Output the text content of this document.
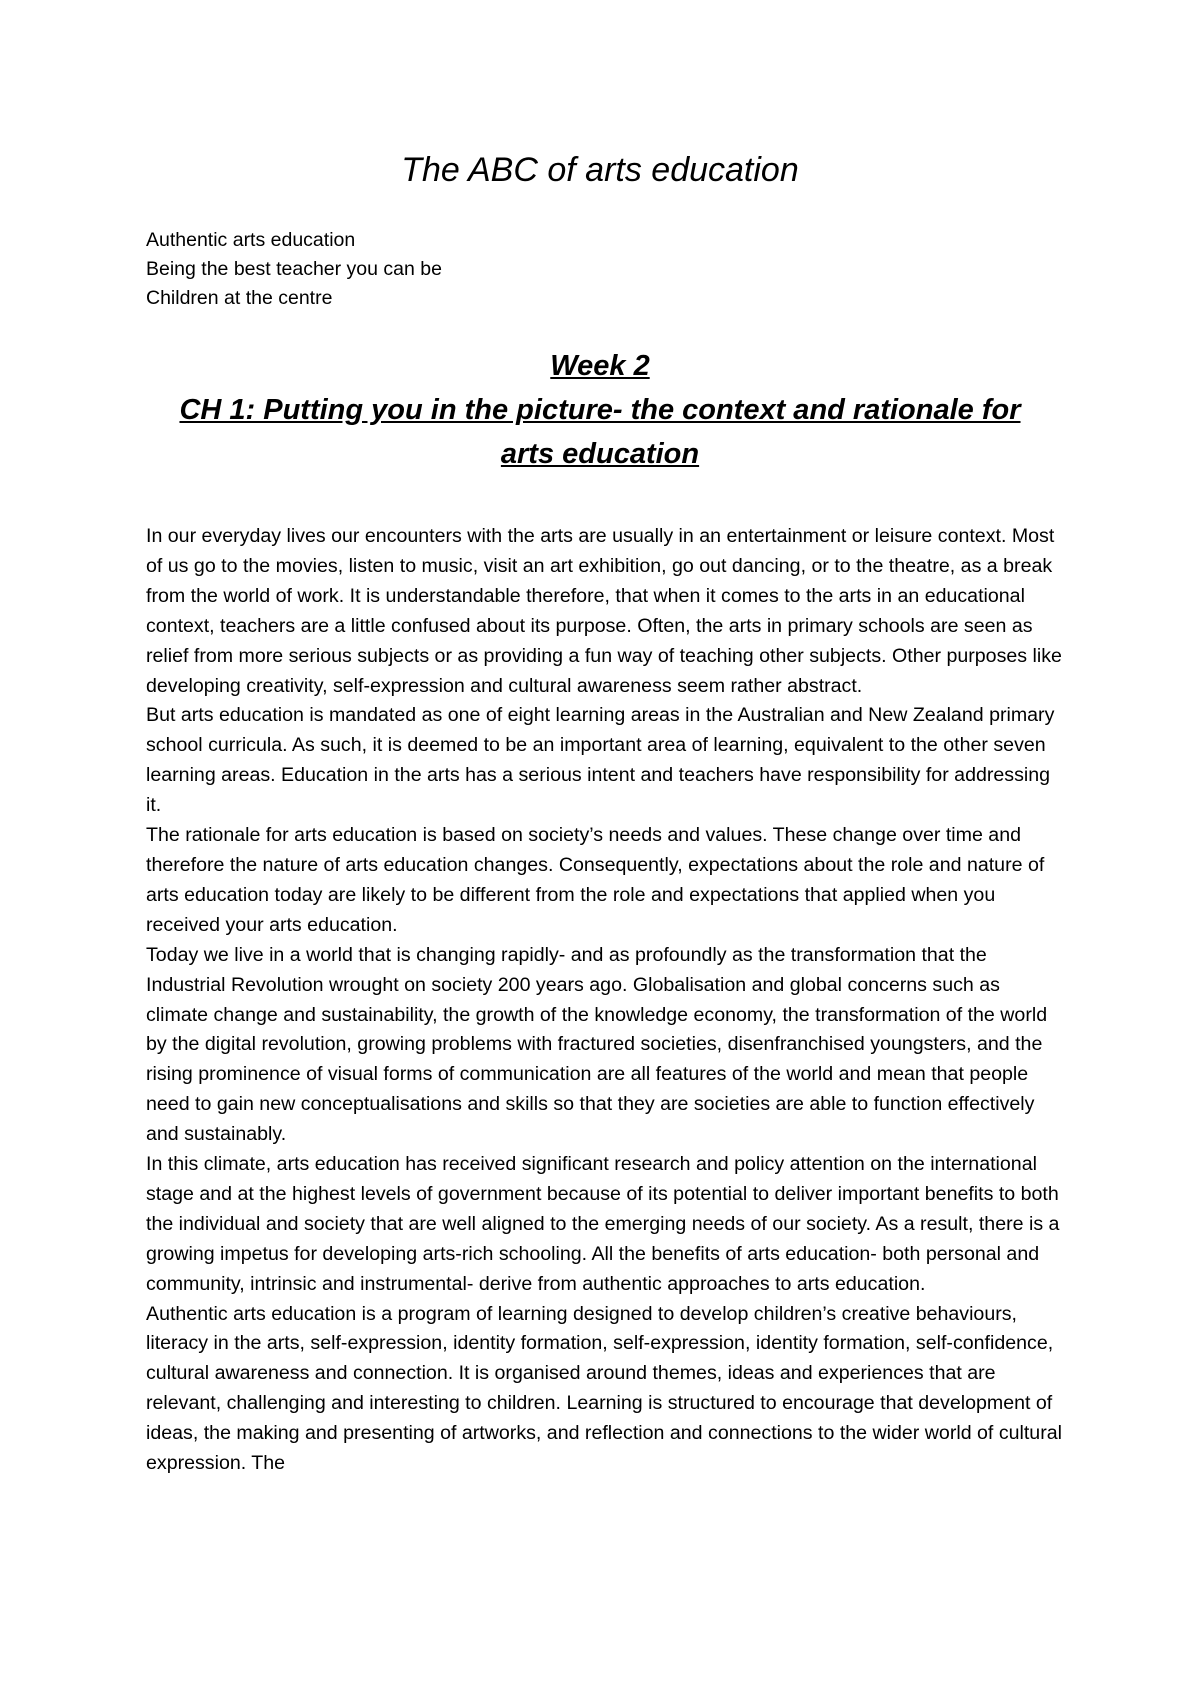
The ABC of arts education
Authentic arts education
Being the best teacher you can be
Children at the centre
Week 2
CH 1: Putting you in the picture- the context and rationale for arts education

In our everyday lives our encounters with the arts are usually in an entertainment or leisure context. Most of us go to the movies, listen to music, visit an art exhibition, go out dancing, or to the theatre, as a break from the world of work. It is understandable therefore, that when it comes to the arts in an educational context, teachers are a little confused about its purpose. Often, the arts in primary schools are seen as relief from more serious subjects or as providing a fun way of teaching other subjects. Other purposes like developing creativity, self-expression and cultural awareness seem rather abstract.

But arts education is mandated as one of eight learning areas in the Australian and New Zealand primary school curricula. As such, it is deemed to be an important area of learning, equivalent to the other seven learning areas. Education in the arts has a serious intent and teachers have responsibility for addressing it.

The rationale for arts education is based on society’s needs and values. These change over time and therefore the nature of arts education changes. Consequently, expectations about the role and nature of arts education today are likely to be different from the role and expectations that applied when you received your arts education.

Today we live in a world that is changing rapidly- and as profoundly as the transformation that the Industrial Revolution wrought on society 200 years ago. Globalisation and global concerns such as climate change and sustainability, the growth of the knowledge economy, the transformation of the world by the digital revolution, growing problems with fractured societies, disenfranchised youngsters, and the rising prominence of visual forms of communication are all features of the world and mean that people need to gain new conceptualisations and skills so that they are societies are able to function effectively and sustainably.

In this climate, arts education has received significant research and policy attention on the international stage and at the highest levels of government because of its potential to deliver important benefits to both the individual and society that are well aligned to the emerging needs of our society. As a result, there is a growing impetus for developing arts-rich schooling. All the benefits of arts education- both personal and community, intrinsic and instrumental- derive from authentic approaches to arts education.

Authentic arts education is a program of learning designed to develop children’s creative behaviours, literacy in the arts, self-expression, identity formation, self-expression, identity formation, self-confidence, cultural awareness and connection. It is organised around themes, ideas and experiences that are relevant, challenging and interesting to children. Learning is structured to encourage that development of ideas, the making and presenting of artworks, and reflection and connections to the wider world of cultural expression. The
